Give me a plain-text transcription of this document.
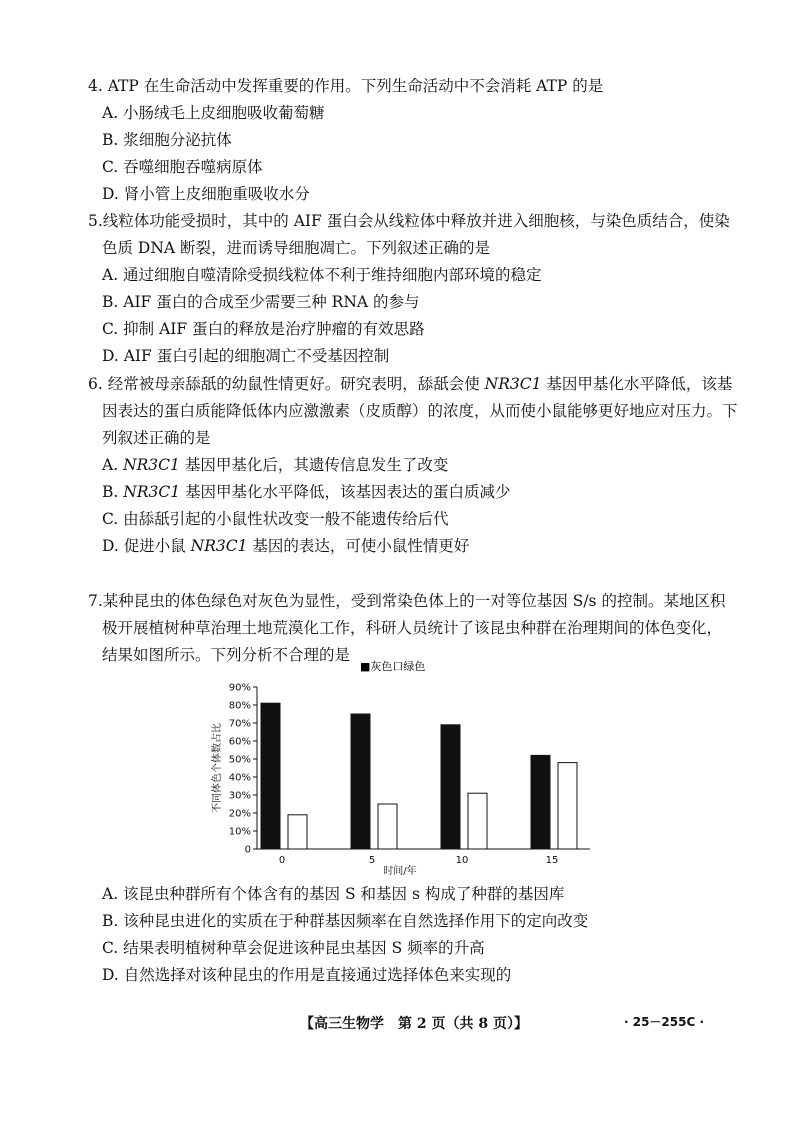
4. ATP 在生命活动中发挥重要的作用。下列生命活动中不会消耗 ATP 的是

A. 小肠绒毛上皮细胞吸收葡萄糖

B. 浆细胞分泌抗体

C. 吞噬细胞吞噬病原体

D. 肾小管上皮细胞重吸收水分

5.线粒体功能受损时，其中的 AIF 蛋白会从线粒体中释放并进入细胞核，与染色质结合，使染

色质 DNA 断裂，进而诱导细胞凋亡。下列叙述正确的是

A. 通过细胞自噬清除受损线粒体不利于维持细胞内部环境的稳定

B. AIF 蛋白的合成至少需要三种 RNA 的参与

C. 抑制 AIF 蛋白的释放是治疗肿瘤的有效思路

D. AIF 蛋白引起的细胞凋亡不受基因控制

6. 经常被母亲舔舐的幼鼠性情更好。研究表明，舔舐会使 NR3C1 基因甲基化水平降低，该基

因表达的蛋白质能降低体内应激激素（皮质醇）的浓度，从而使小鼠能够更好地应对压力。下

列叙述正确的是

A. NR3C1 基因甲基化后，其遗传信息发生了改变

B. NR3C1 基因甲基化水平降低，该基因表达的蛋白质减少

C. 由舔舐引起的小鼠性状改变一般不能遗传给后代

D. 促进小鼠 NR3C1 基因的表达，可使小鼠性情更好

7.某种昆虫的体色绿色对灰色为显性，受到常染色体上的一对等位基因 S/s 的控制。某地区积

极开展植树种草治理土地荒漠化工作，科研人员统计了该昆虫种群在治理期间的体色变化，

结果如图所示。下列分析不合理的是

■灰色口绿色
0
10%
20%
30%
40%
50%
60%
70%
80%
90%
0	5	10	15
不同体色个体数占比
时间/年

A. 该昆虫种群所有个体含有的基因 S 和基因 s 构成了种群的基因库

B. 该种昆虫进化的实质在于种群基因频率在自然选择作用下的定向改变

C. 结果表明植树种草会促进该种昆虫基因 S 频率的升高

D. 自然选择对该种昆虫的作用是直接通过选择体色来实现的

【高三生物学　第 2 页（共 8 页）】	· 25－255C ·
